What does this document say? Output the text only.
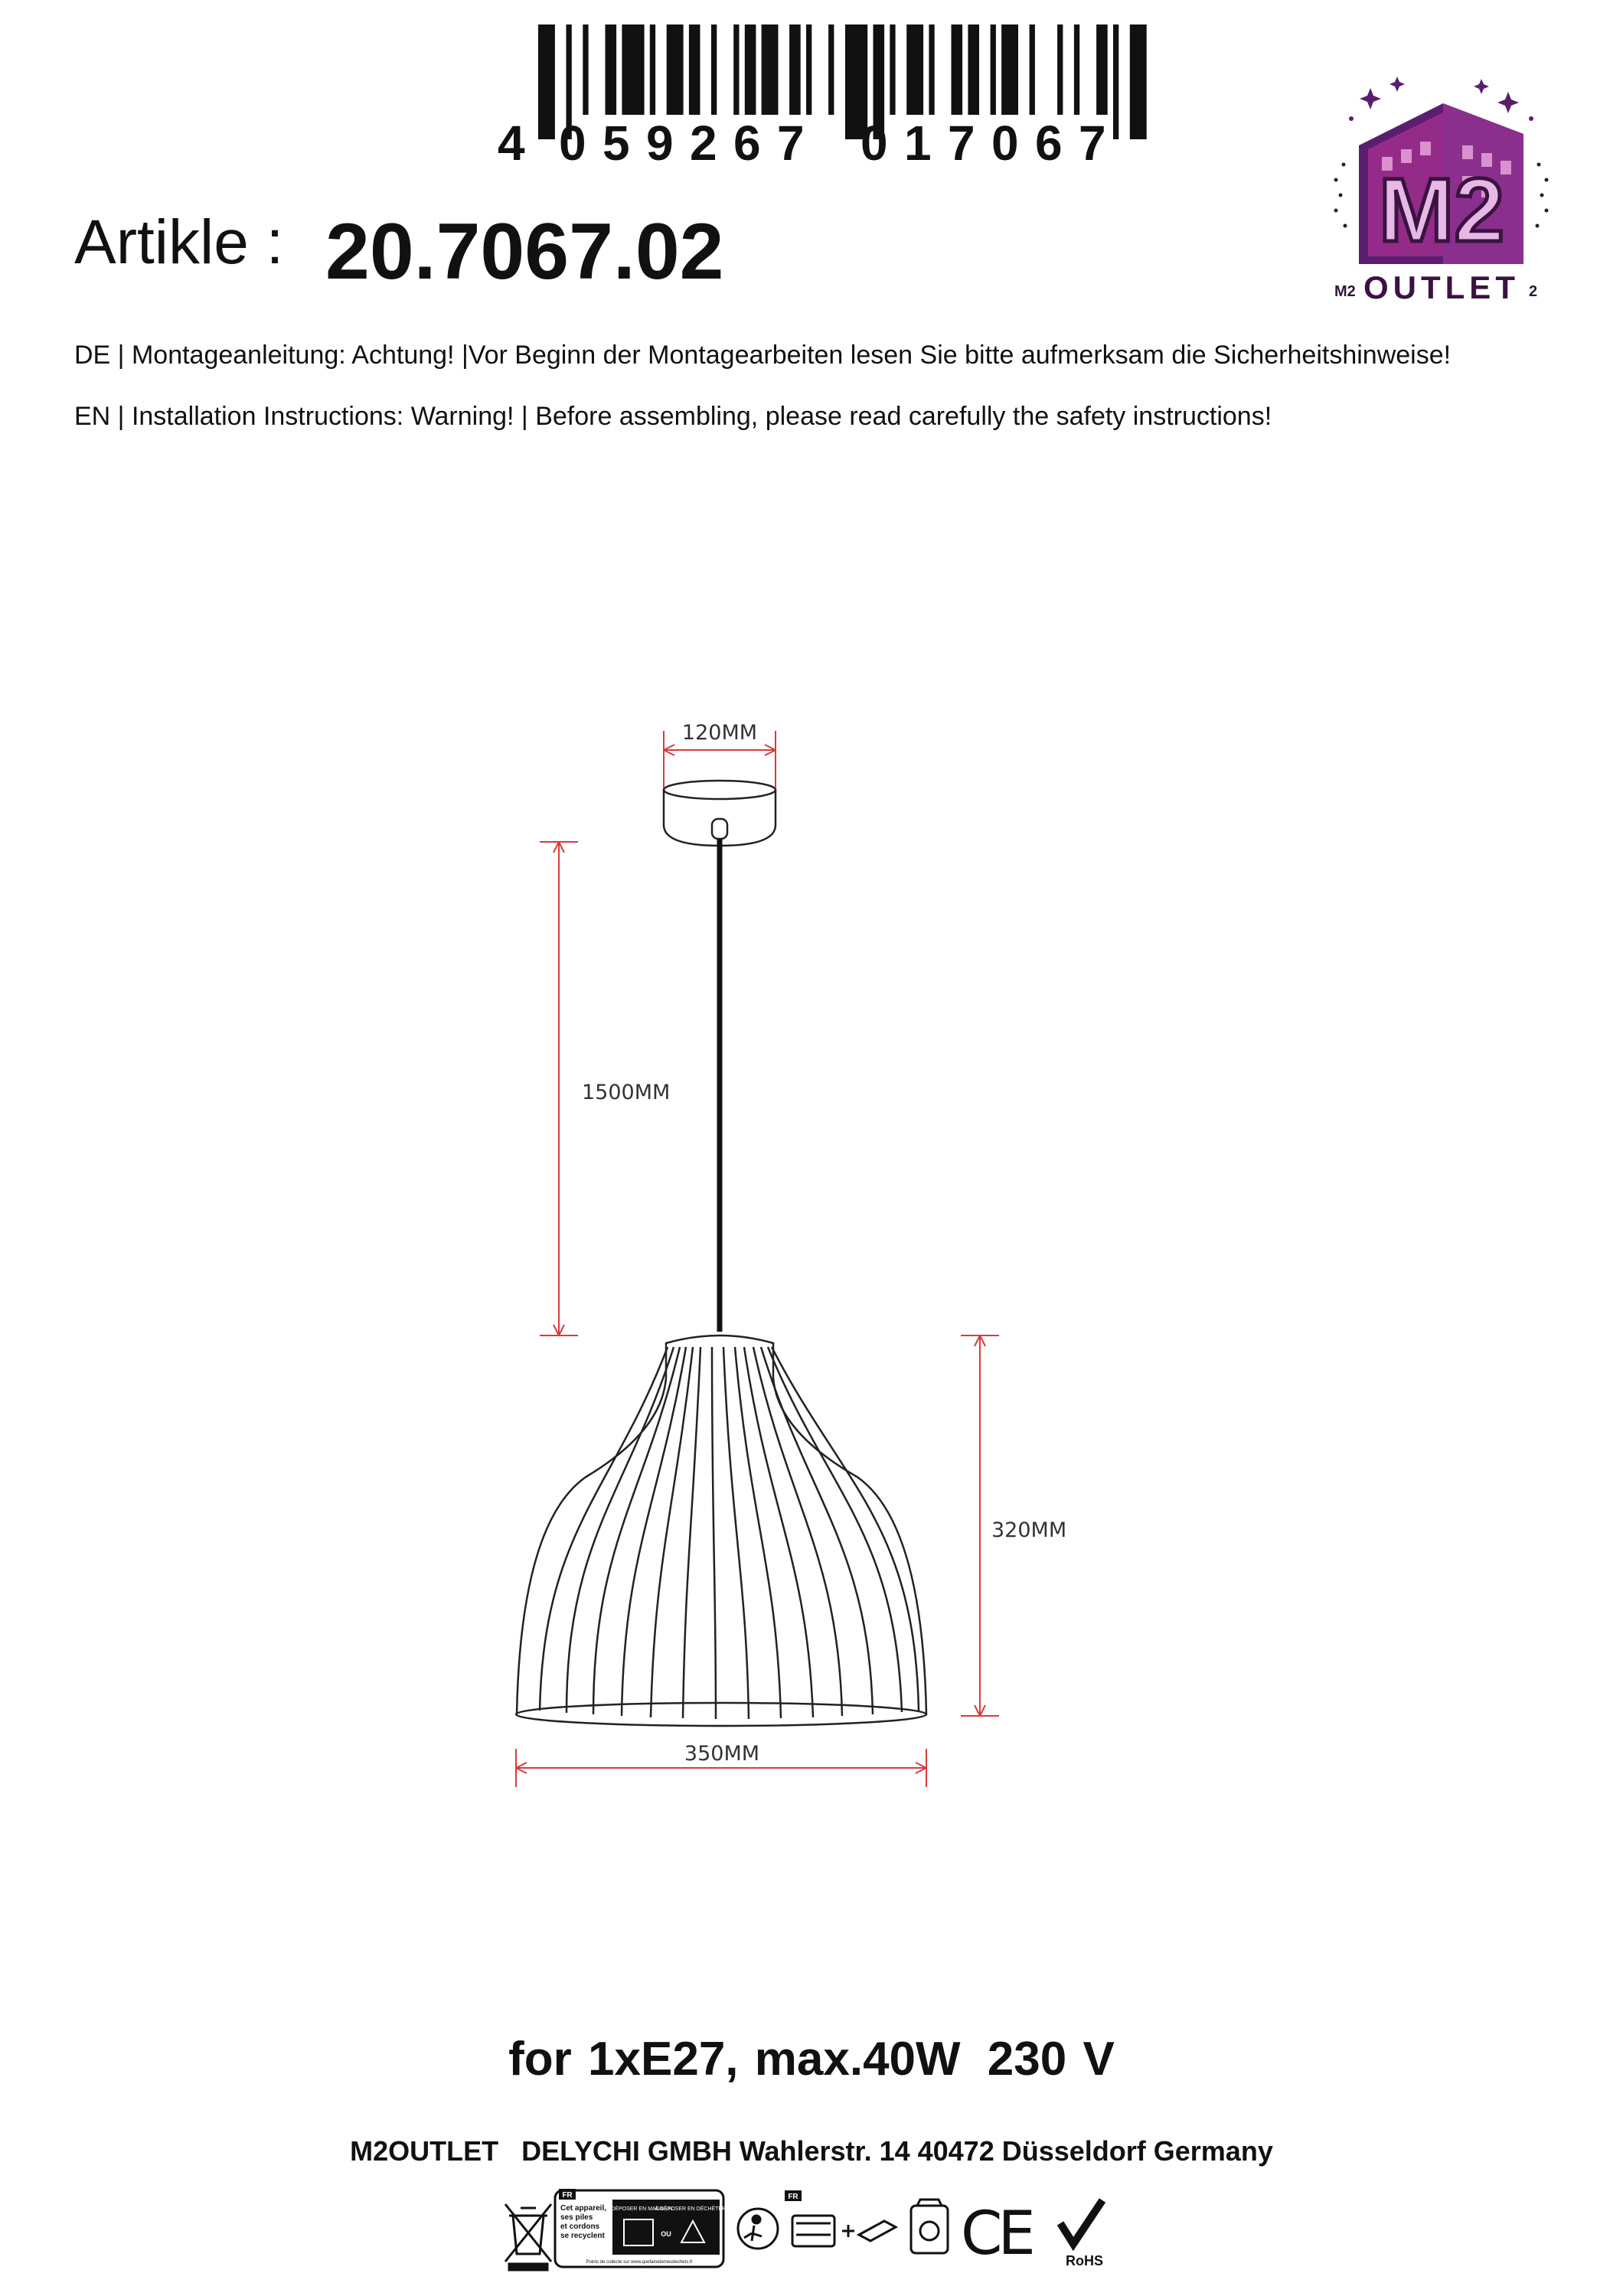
4 0 5 9 2 6 7 0 1 7 0 6 7
Artikle : 20.7067.02
DE | Montageanleitung: Achtung! |Vor Beginn der Montagearbeiten lesen Sie bitte aufmerksam die Sicherheitshinweise!
EN | Installation Instructions: Warning! | Before assembling, please read carefully the safety instructions!
M2
M2 OUTLET 2
120MM
1500MM
320MM
350MM
for 1xE27, max.40W 230 V
M2OUTLET   DELYCHI GMBH Wahlerstr. 14 40472 Düsseldorf Germany
FR
Cet appareil,
ses piles
et cordons
se recyclent
À DÉPOSER EN MAGASIN
À DÉPOSER EN DÉCHÈTERIE
OU
Points de collecte sur www.quefairedemesdechets.fr
FR
CE	RoHS
